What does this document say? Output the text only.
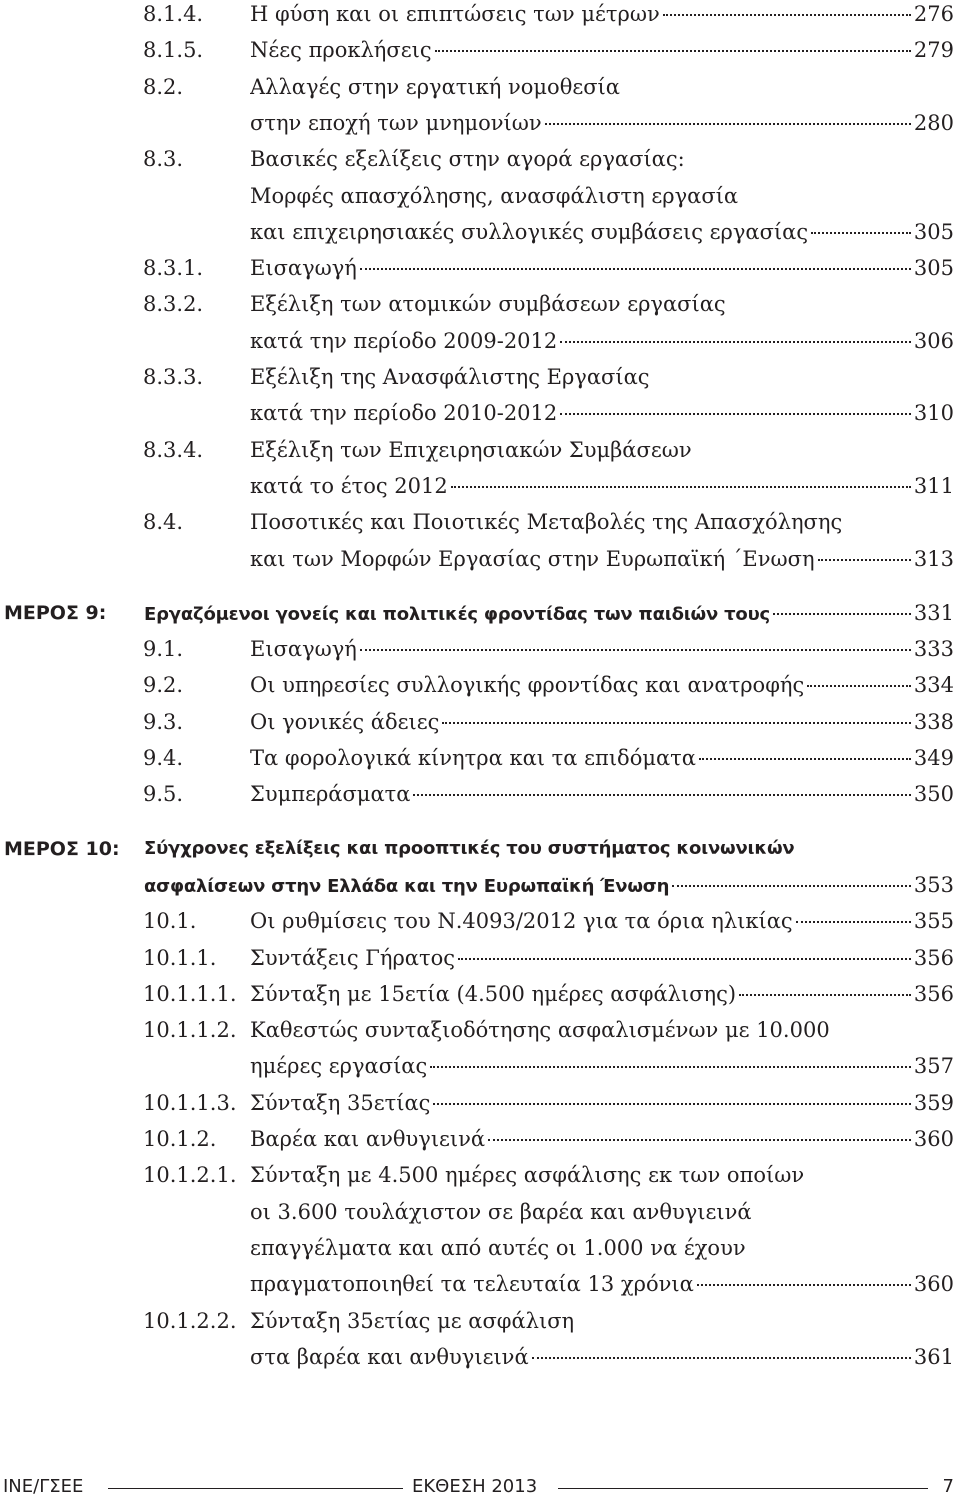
8.1.4. Η φύση και οι επιπτώσεις των μέτρων	276
8.1.5. Νέες προκλήσεις	279
8.2.	Αλλαγές στην εργατική νομοθεσία
στην εποχή των μνημονίων	280
8.3.	Βασικές εξελίξεις στην αγορά εργασίας:
Μορφές απασχόλησης, ανασφάλιστη εργασία
και επιχειρησιακές συλλογικές συμβάσεις εργασίας	305
8.3.1. Εισαγωγή	305
8.3.2. Εξέλιξη των ατομικών συμβάσεων εργασίας
κατά την περίοδο 2009-2012	306
8.3.3. Εξέλιξη της Ανασφάλιστης Εργασίας
κατά την περίοδο 2010-2012	310
8.3.4. Εξέλιξη των Επιχειρησιακών Συμβάσεων
κατά το έτος 2012	311
8.4.	Ποσοτικές και Ποιοτικές Μεταβολές της Απασχόλησης
και των Μορφών Εργασίας στην Ευρωπαϊκή ΄Ενωση	313
ΜΕΡΟΣ 9: Εργαζόμενοι γονείς και πολιτικές φροντίδας των παιδιών τους	331
9.1.	Εισαγωγή	333
9.2.	Οι υπηρεσίες συλλογικής φροντίδας και ανατροφής	334
9.3.	Οι γονικές άδειες	338
9.4.	Τα φορολογικά κίνητρα και τα επιδόματα	349
9.5.	Συμπεράσματα	350
ΜΕΡΟΣ 10: Σύγχρονες εξελίξεις και προοπτικές του συστήματος κοινωνικών
ασφαλίσεων στην Ελλάδα και την Ευρωπαϊκή Ένωση	353
10.1.	Οι ρυθμίσεις του Ν.4093/2012 για τα όρια ηλικίας	355
10.1.1. Συντάξεις Γήρατος	356
10.1.1.1. Σύνταξη με 15ετία (4.500 ημέρες ασφάλισης)	356
10.1.1.2. Καθεστώς συνταξιοδότησης ασφαλισμένων με 10.000
ημέρες εργασίας	357
10.1.1.3. Σύνταξη 35ετίας	359
10.1.2. Βαρέα και ανθυγιεινά	360
10.1.2.1. Σύνταξη με 4.500 ημέρες ασφάλισης εκ των οποίων
οι 3.600 τουλάχιστον σε βαρέα και ανθυγιεινά
επαγγέλματα και από αυτές οι 1.000 να έχουν
πραγματοποιηθεί τα τελευταία 13 χρόνια	360
10.1.2.2. Σύνταξη 35ετίας με ασφάλιση
στα βαρέα και ανθυγιεινά	361
ΙΝΕ/ΓΣΕΕ	ΕΚΘΕΣΗ 2013	7
